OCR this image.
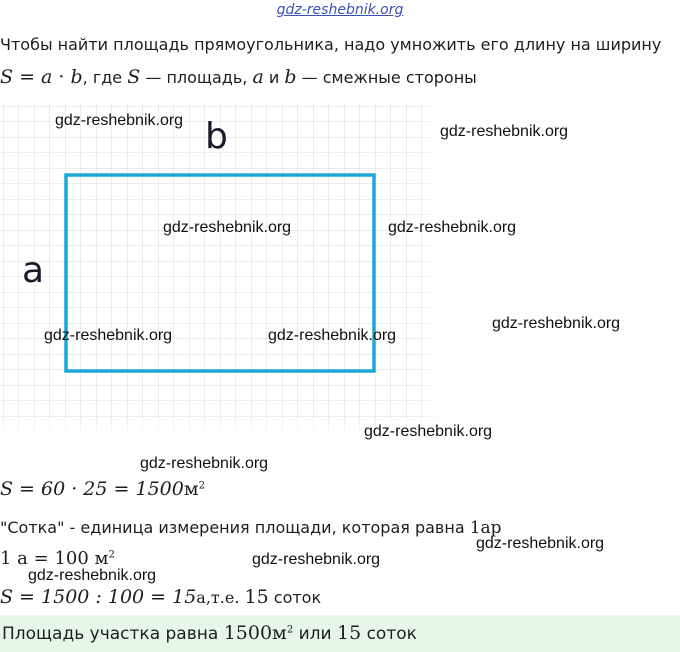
gdz-reshebnik.org
Чтобы найти площадь прямоугольника, надо умножить его длину на ширину
S = a · b, где S — площадь, a и b — смежные стороны
b
a
$S = 60 \cdot 25 = 1500м^2$
"Сотка" - единица измерения площади, которая равна 1ар
1 а = 100 $м^2$
S = 1500 : 100 = 15а,т.е. 15 соток
Площадь участка равна $1500м^2$ или 15 соток
gdz-reshebnik.org
gdz-reshebnik.org
gdz-reshebnik.org	gdz-reshebnik.org
gdz-reshebnik.org
gdz-reshebnik.org	gdz-reshebnik.org
gdz-reshebnik.org
gdz-reshebnik.org
gdz-reshebnik.org
gdz-reshebnik.org
gdz-reshebnik.org
